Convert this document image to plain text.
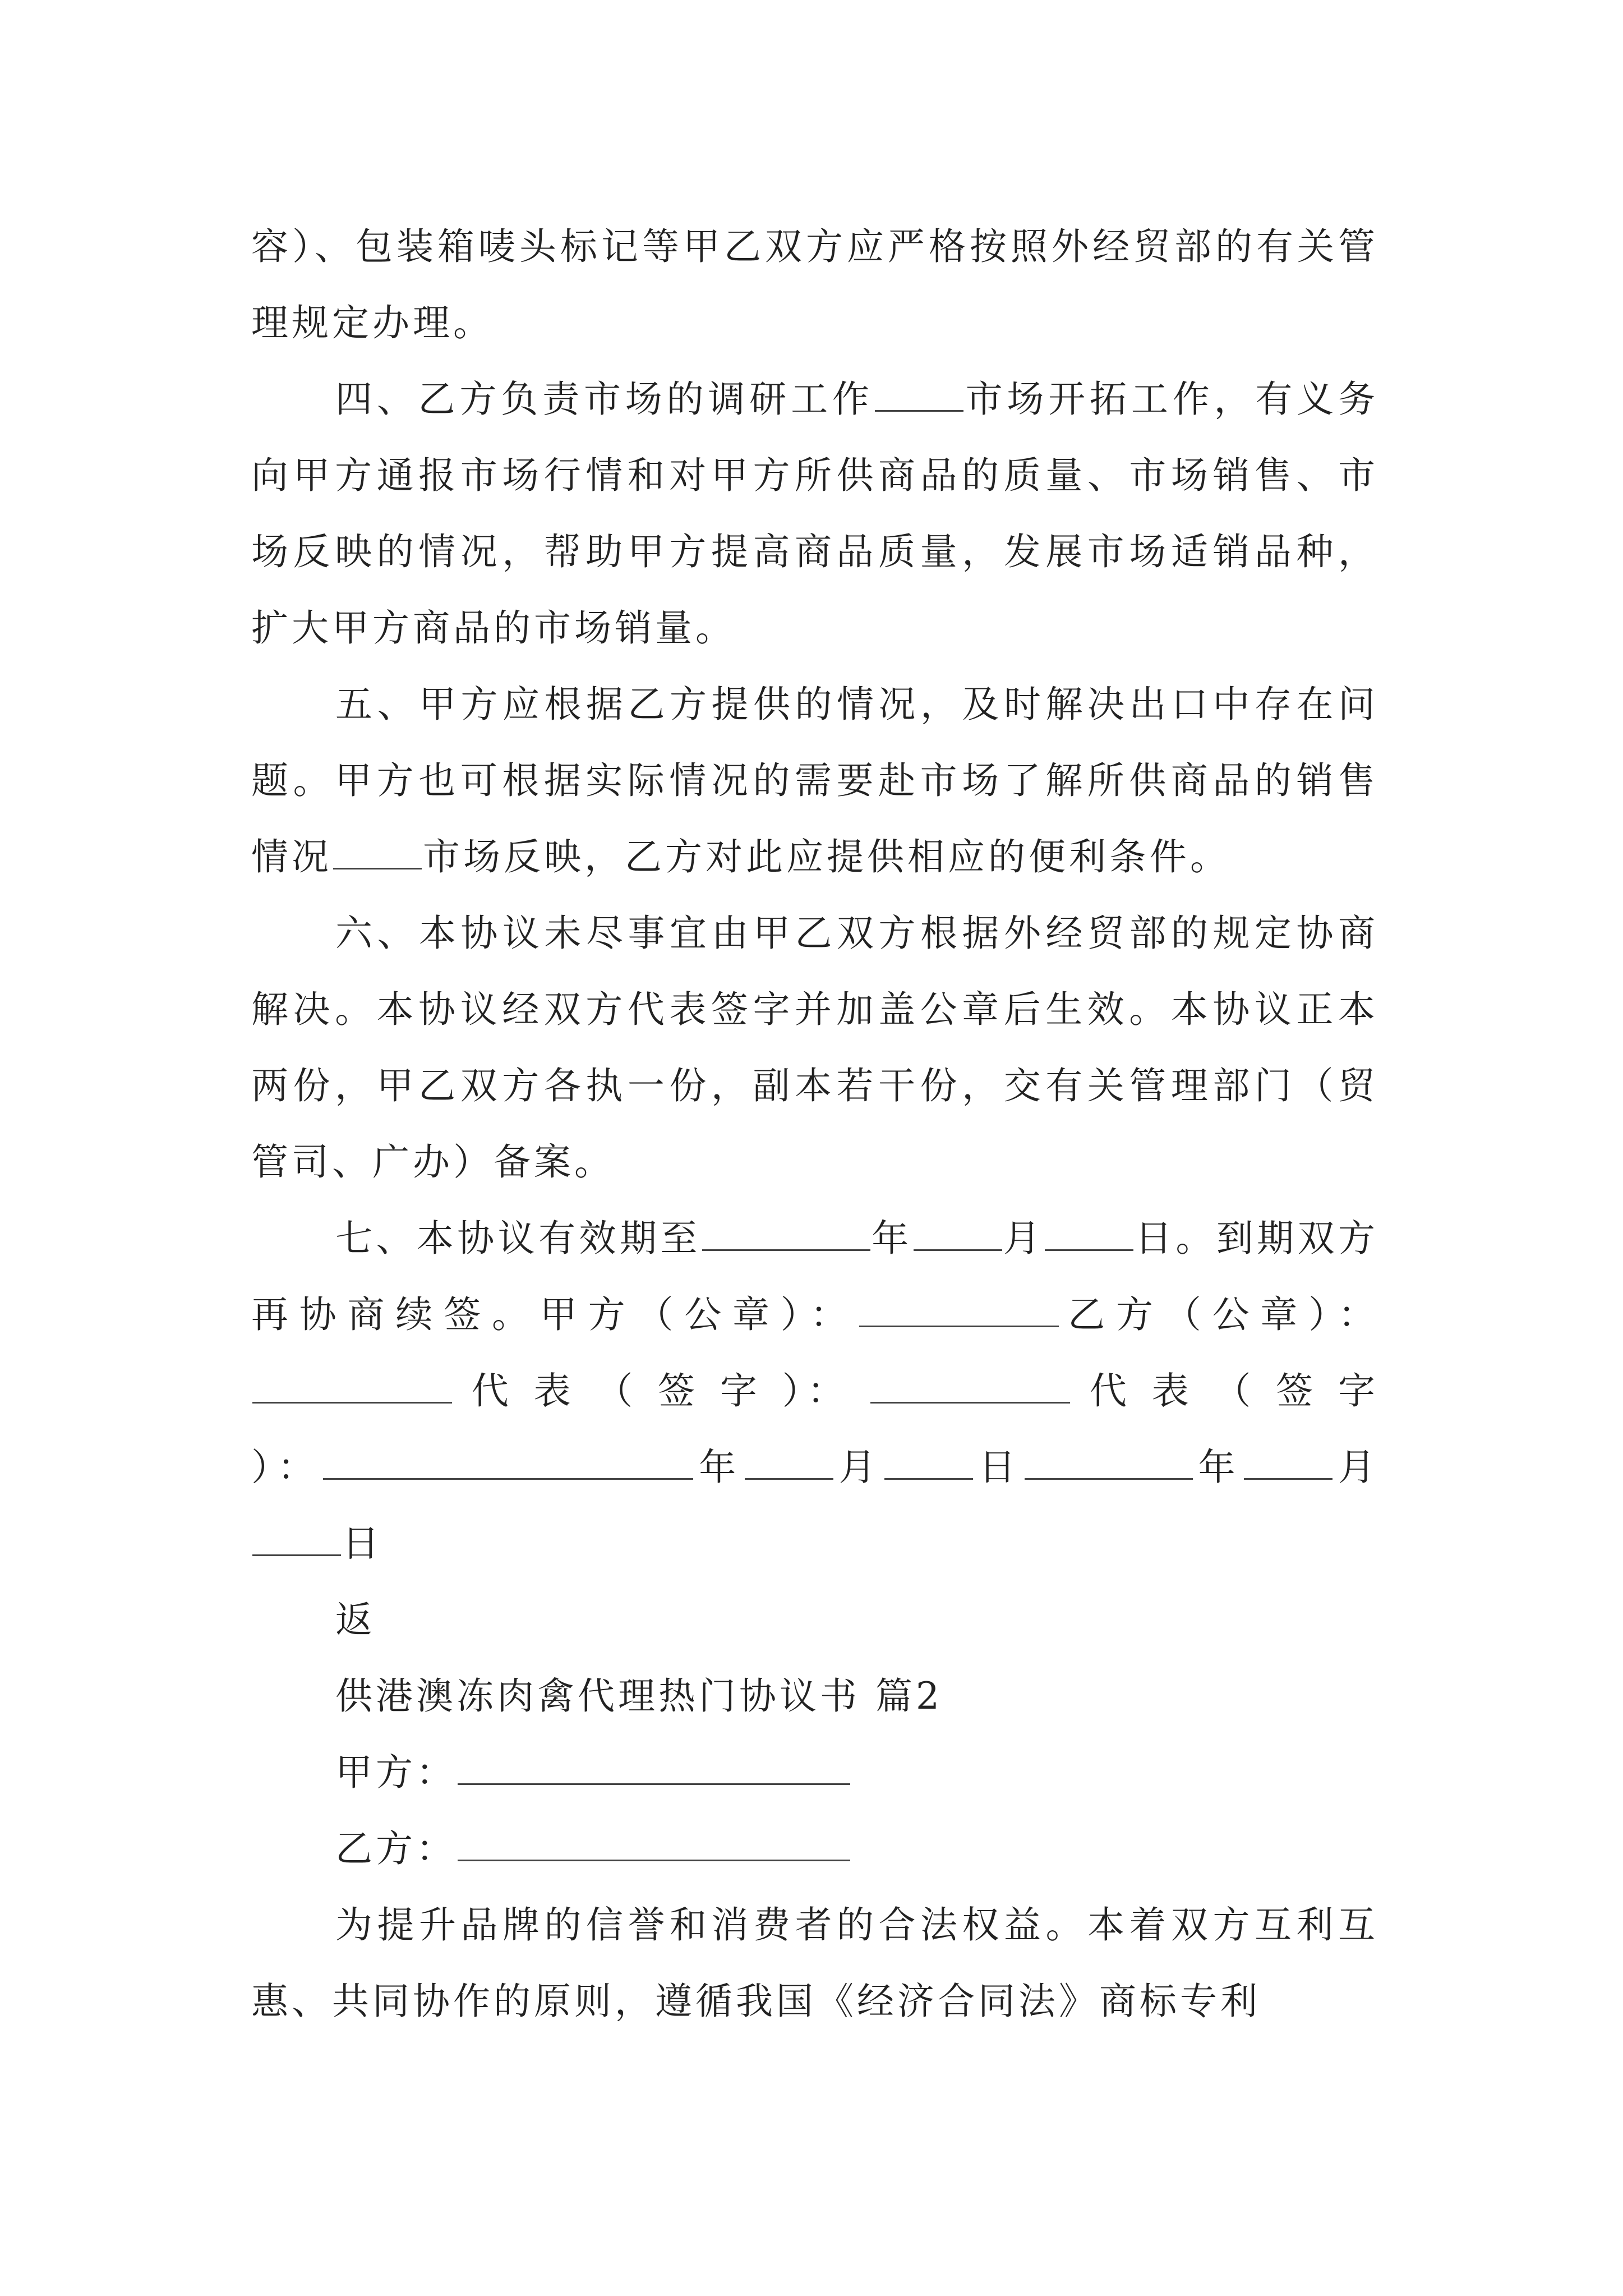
容）、包装箱唛头标记等甲乙双方应严格按照外经贸部的有关管理规定办理。

四、乙方负责市场的调研工作 市场开拓工作，有义务向甲方通报市场行情和对甲方所供商品的质量、市场销售、市场反映的情况，帮助甲方提高商品质量，发展市场适销品种，扩大甲方商品的市场销量。

五、甲方应根据乙方提供的情况，及时解决出口中存在问题。甲方也可根据实际情况的需要赴市场了解所供商品的销售情况 市场反映，乙方对此应提供相应的便利条件。

六、本协议未尽事宜由甲乙双方根据外经贸部的规定协商解决。本协议经双方代表签字并加盖公章后生效。本协议正本两份，甲乙双方各执一份，副本若干份，交有关管理部门（贸管司、广办）备案。

七、本协议有效期至	年 月 日。到期双方再协商续签。甲方（公章）：	乙方（公章）： 代 表 （ 签 字 ）：	代 表 （ 签 字 ）：	年 月 日	年 月日

返

供港澳冻肉禽代理热门协议书 篇2

甲方：

乙方：

为提升品牌的信誉和消费者的合法权益。本着双方互利互惠、共同协作的原则，遵循我国《经济合同法》商标专利
